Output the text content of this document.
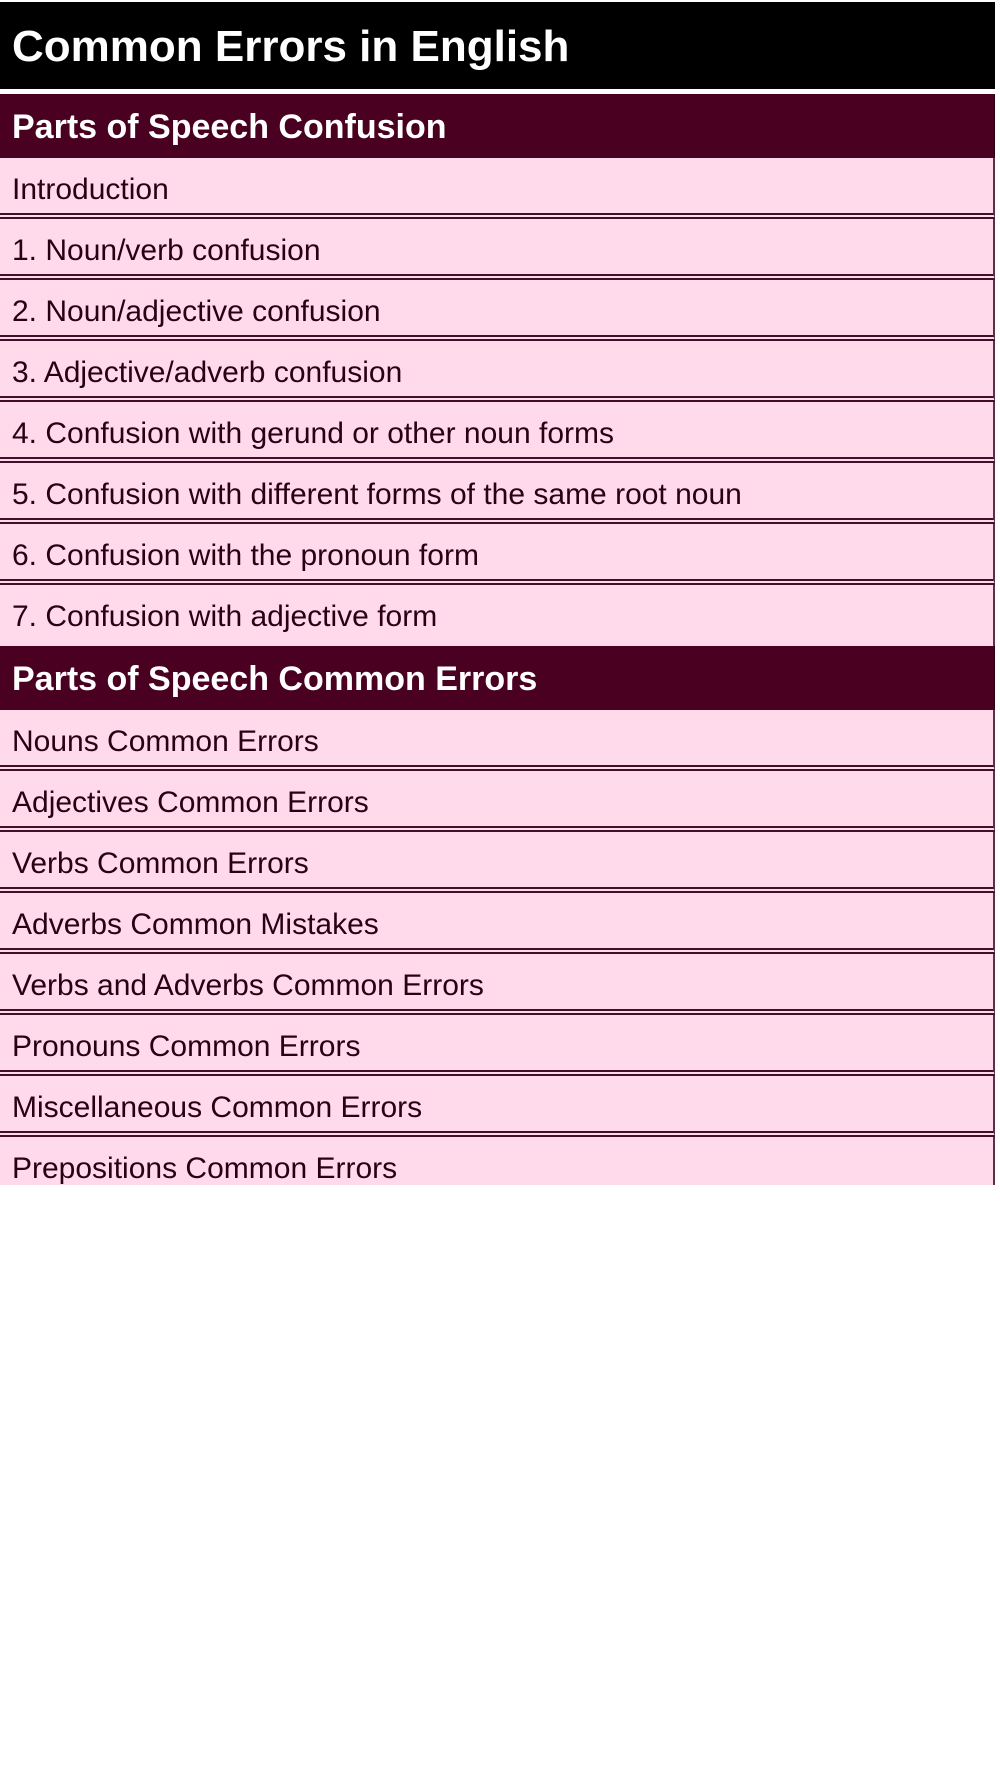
Common Errors in English
Parts of Speech Confusion
Introduction
1. Noun/verb confusion
2. Noun/adjective confusion
3. Adjective/adverb confusion
4. Confusion with gerund or other noun forms
5. Confusion with different forms of the same root noun
6. Confusion with the pronoun form
7. Confusion with adjective form
Parts of Speech Common Errors
Nouns Common Errors
Adjectives Common Errors
Verbs Common Errors
Adverbs Common Mistakes
Verbs and Adverbs Common Errors
Pronouns Common Errors
Miscellaneous Common Errors
Prepositions Common Errors
